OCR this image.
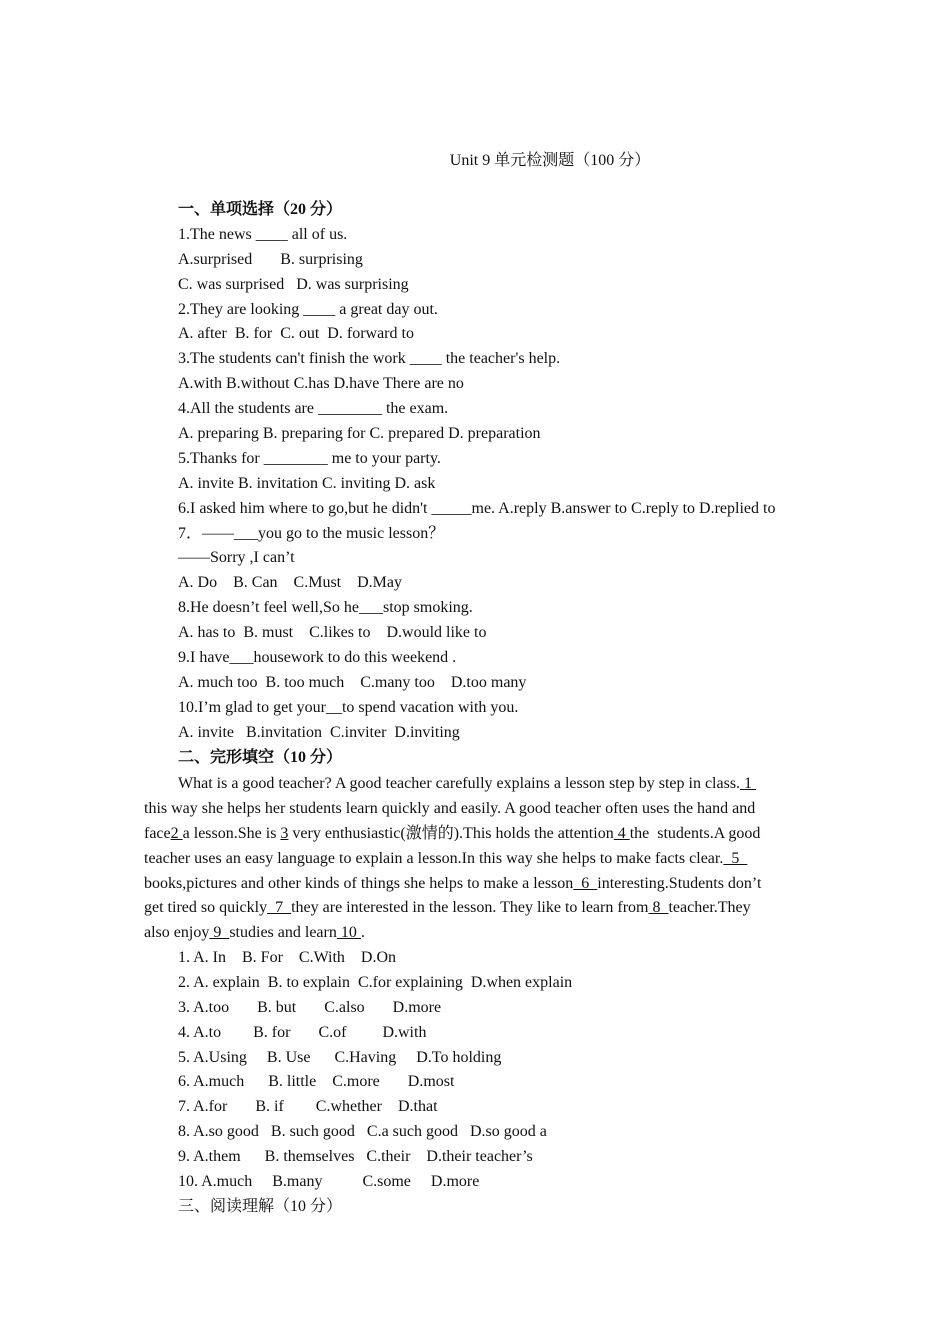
Unit 9 单元检测题（100 分）
一、单项选择（20 分）
1.The news ____ all of us.
A.surprised       B. surprising
C. was surprised   D. was surprising
2.They are looking ____ a great day out.
A. after  B. for  C. out  D. forward to
3.The students can't finish the work ____ the teacher's help.
A.with B.without C.has D.have There are no
4.All the students are ________ the exam.
A. preparing B. preparing for C. prepared D. preparation
5.Thanks for ________ me to your party.
A. invite B. invitation C. inviting D. ask
6.I asked him where to go,but he didn't _____me. A.reply B.answer to C.reply to D.replied to
7．——___you go to the music lesson？
——Sorry ,I can’t
A. Do    B. Can    C.Must    D.May
8.He doesn’t feel well,So he___stop smoking.
A. has to  B. must    C.likes to    D.would like to
9.I have___housework to do this weekend .
A. much too  B. too much    C.many too    D.too many
10.I’m glad to get your__to spend vacation with you.
A. invite   B.invitation  C.inviter  D.inviting
二、完形填空（10 分）
What is a good teacher? A good teacher carefully explains a lesson step by step in class. 1
this way she helps her students learn quickly and easily. A good teacher often uses the hand and
face2 a lesson.She is 3 very enthusiastic(激情的).This holds the attention 4 the  students.A good
teacher uses an easy language to explain a lesson.In this way she helps to make facts clear.  5
books,pictures and other kinds of things she helps to make a lesson  6  interesting.Students don’t
get tired so quickly  7  they are interested in the lesson. They like to learn from 8  teacher.They
also enjoy 9  studies and learn 10 .
1. A. In    B. For    C.With    D.On
2. A. explain  B. to explain  C.for explaining  D.when explain
3. A.too       B. but       C.also       D.more
4. A.to        B. for       C.of         D.with
5. A.Using     B. Use      C.Having     D.To holding
6. A.much      B. little    C.more       D.most
7. A.for       B. if        C.whether    D.that
8. A.so good   B. such good   C.a such good   D.so good a
9. A.them      B. themselves   C.their    D.their teacher’s
10. A.much     B.many          C.some     D.more
三、阅读理解（10 分）
